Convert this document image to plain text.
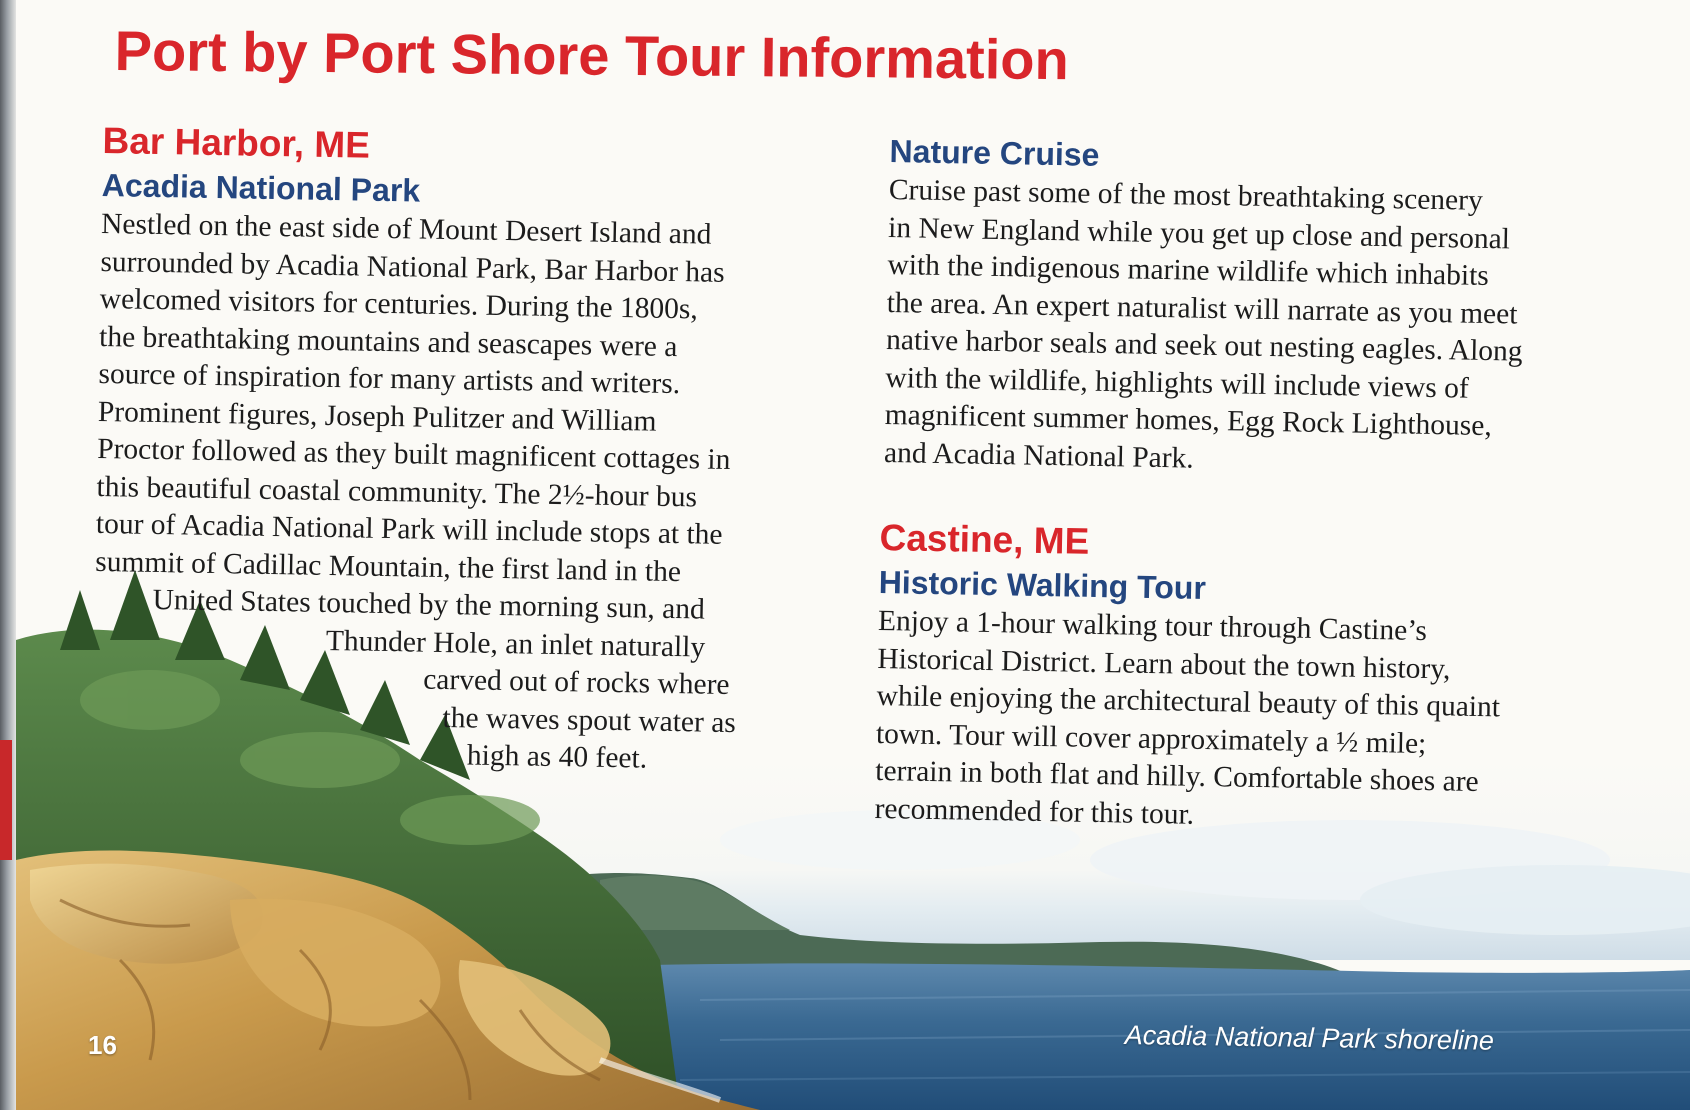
Port by Port Shore Tour Information
Bar Harbor, ME
Acadia National Park
Nestled on the east side of Mount Desert Island and
surrounded by Acadia National Park, Bar Harbor has
welcomed visitors for centuries. During the 1800s,
the breathtaking mountains and seascapes were a
source of inspiration for many artists and writers.
Prominent figures, Joseph Pulitzer and William
Proctor followed as they built magnificent cottages in
this beautiful coastal community. The 2½-hour bus
tour of Acadia National Park will include stops at the
summit of Cadillac Mountain, the first land in the
United States touched by the morning sun, and
Thunder Hole, an inlet naturally
carved out of rocks where
the waves spout water as
high as 40 feet.
Nature Cruise
Cruise past some of the most breathtaking scenery
in New England while you get up close and personal
with the indigenous marine wildlife which inhabits
the area. An expert naturalist will narrate as you meet
native harbor seals and seek out nesting eagles. Along
with the wildlife, highlights will include views of
magnificent summer homes, Egg Rock Lighthouse,
and Acadia National Park.
Castine, ME
Historic Walking Tour
Enjoy a 1-hour walking tour through Castine’s
Historical District. Learn about the town history,
while enjoying the architectural beauty of this quaint
town. Tour will cover approximately a ½ mile;
terrain in both flat and hilly. Comfortable shoes are
recommended for this tour.
Acadia National Park shoreline
16
